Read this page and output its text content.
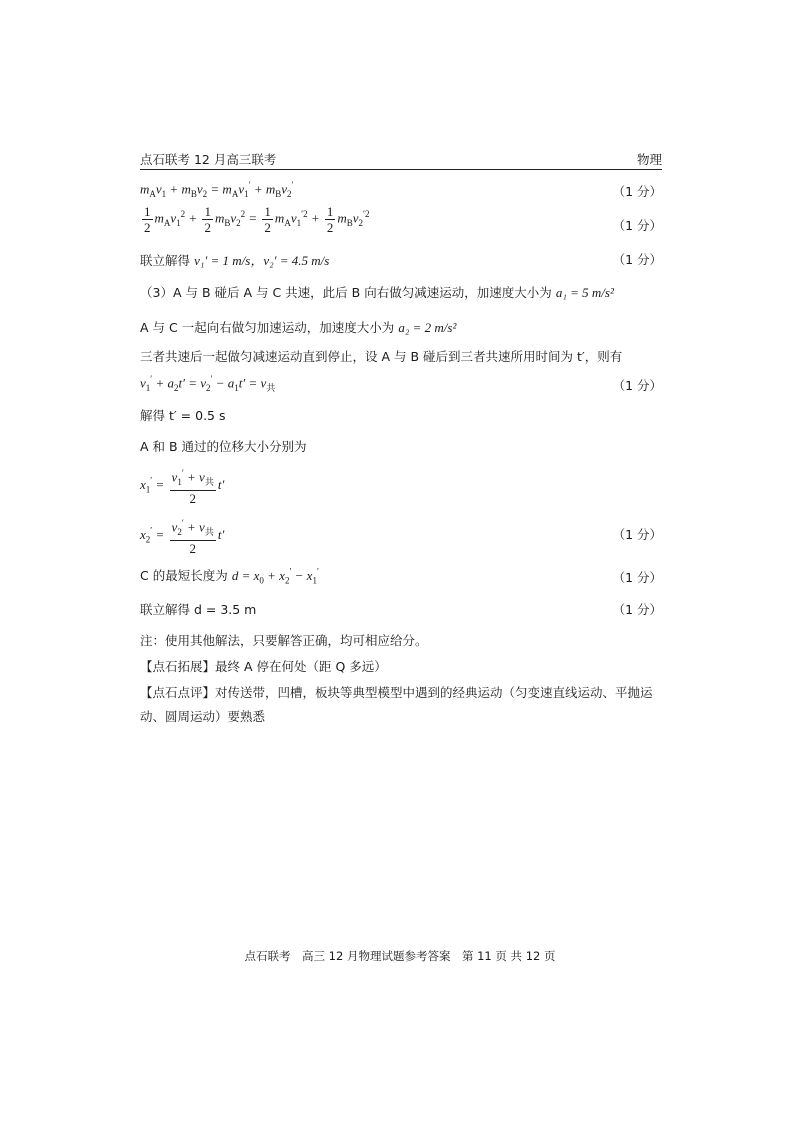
点石联考 12 月高三联考	物理
$m_Av_1 + m_Bv_2 = m_Av_1' + m_Bv_2'$	（1 分）
$\frac{1}{2} m_Av_1^2 + \frac{1}{2} m_Bv_2^2 = \frac{1}{2} m_Av_1^{'2} + \frac{1}{2} m_Bv_2^{'2}$
（1 分）
联立解得 v₁′ = 1 m/s，v₂′ = 4.5 m/s	（1 分）
（3）A 与 B 碰后 A 与 C 共速，此后 B 向右做匀减速运动，加速度大小为 a₁ = 5 m/s²
A 与 C 一起向右做匀加速运动，加速度大小为 a₂ = 2 m/s²
三者共速后一起做匀减速运动直到停止，设 A 与 B 碰后到三者共速所用时间为 t′，则有
$v_1' + a_2t' = v_2' - a_1t' = v_共$	（1 分）
解得 t′ = 0.5 s
A 和 B 通过的位移大小分别为
$x_1' = \frac{v_1' + v_共}{2} t'$
$x_2' = \frac{v_2' + v_共}{2} t'$	（1 分）
C 的最短长度为 $d = x_0 + x_2' - x_1'$	（1 分）
联立解得 d = 3.5 m	（1 分）
注：使用其他解法，只要解答正确，均可相应给分。
【点石拓展】最终 A 停在何处（距 Q 多远）
【点石点评】对传送带，凹槽，板块等典型模型中遇到的经典运动（匀变速直线运动、平抛运
动、圆周运动）要熟悉
点石联考　高三 12 月物理试题参考答案　第 11 页 共 12 页
